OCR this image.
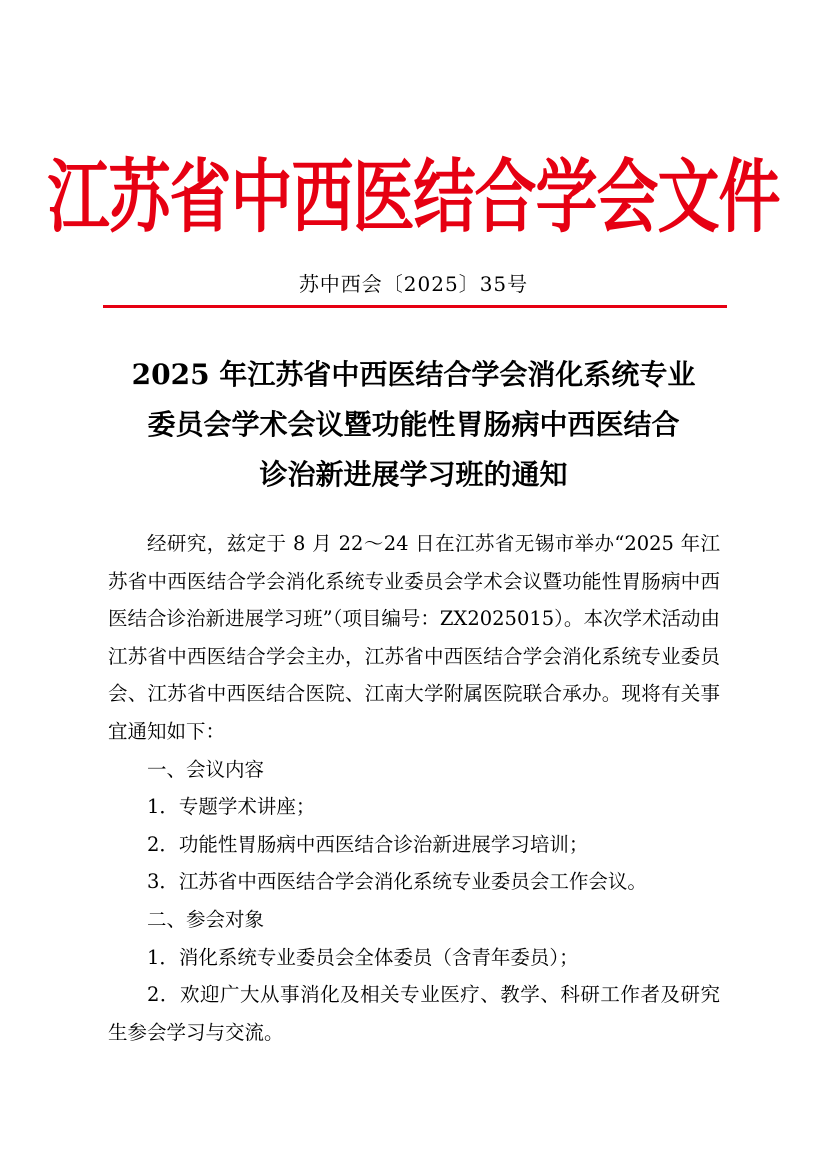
江苏省中西医结合学会文件
苏中西会〔2025〕35号
2025 年江苏省中西医结合学会消化系统专业
委员会学术会议暨功能性胃肠病中西医结合
诊治新进展学习班的通知

经研究，兹定于 8 月 22～24 日在江苏省无锡市举办“2025 年江苏省中西医结合学会消化系统专业委员会学术会议暨功能性胃肠病中西医结合诊治新进展学习班”（项目编号：ZX2025015）。本次学术活动由江苏省中西医结合学会主办，江苏省中西医结合学会消化系统专业委员会、江苏省中西医结合医院、江南大学附属医院联合承办。现将有关事宜通知如下：

一、会议内容

1．专题学术讲座；

2．功能性胃肠病中西医结合诊治新进展学习培训；

3．江苏省中西医结合学会消化系统专业委员会工作会议。

二、参会对象

1．消化系统专业委员会全体委员（含青年委员）；

2．欢迎广大从事消化及相关专业医疗、教学、科研工作者及研究生参会学习与交流。
